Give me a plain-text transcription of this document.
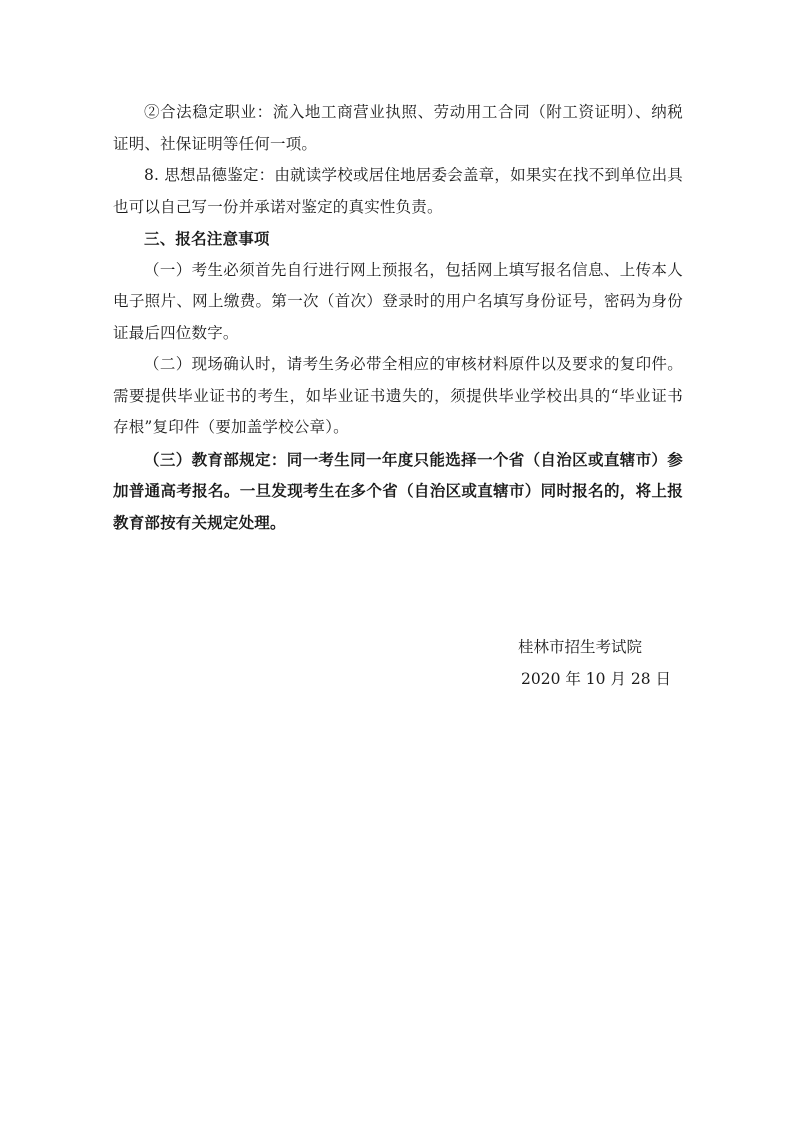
②合法稳定职业：流入地工商营业执照、劳动用工合同（附工资证明）、纳税证明、社保证明等任何一项。

8. 思想品德鉴定：由就读学校或居住地居委会盖章，如果实在找不到单位出具也可以自己写一份并承诺对鉴定的真实性负责。

三、报名注意事项

（一）考生必须首先自行进行网上预报名，包括网上填写报名信息、上传本人电子照片、网上缴费。第一次（首次）登录时的用户名填写身份证号，密码为身份证最后四位数字。

（二）现场确认时，请考生务必带全相应的审核材料原件以及要求的复印件。需要提供毕业证书的考生，如毕业证书遗失的，须提供毕业学校出具的“毕业证书存根”复印件（要加盖学校公章）。

（三）教育部规定：同一考生同一年度只能选择一个省（自治区或直辖市）参加普通高考报名。一旦发现考生在多个省（自治区或直辖市）同时报名的，将上报教育部按有关规定处理。

桂林市招生考试院
2020 年 10 月 28 日
